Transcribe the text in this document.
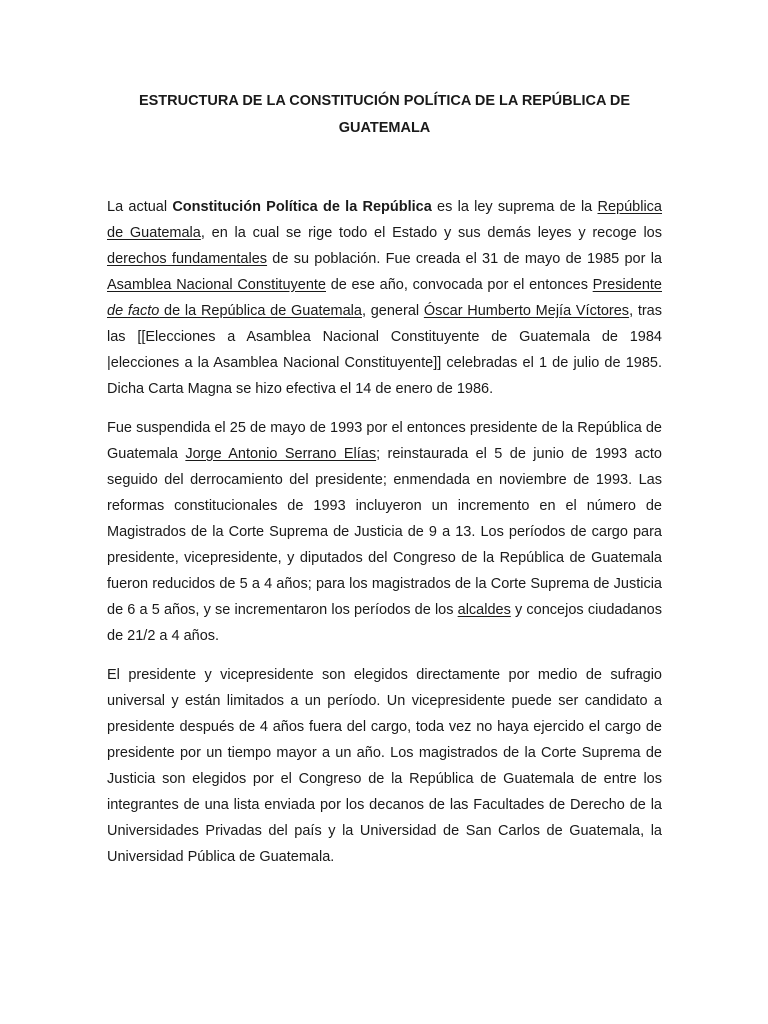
ESTRUCTURA DE LA CONSTITUCIÓN POLÍTICA DE LA REPÚBLICA DE GUATEMALA

La actual Constitución Política de la República es la ley suprema de la República de Guatemala, en la cual se rige todo el Estado y sus demás leyes y recoge los derechos fundamentales de su población. Fue creada el 31 de mayo de 1985 por la Asamblea Nacional Constituyente de ese año, convocada por el entonces Presidente de facto de la República de Guatemala, general Óscar Humberto Mejía Víctores, tras las [[Elecciones a Asamblea Nacional Constituyente de Guatemala de 1984 |elecciones a la Asamblea Nacional Constituyente]] celebradas el 1 de julio de 1985. Dicha Carta Magna se hizo efectiva el 14 de enero de 1986.

Fue suspendida el 25 de mayo de 1993 por el entonces presidente de la República de Guatemala Jorge Antonio Serrano Elías; reinstaurada el 5 de junio de 1993 acto seguido del derrocamiento del presidente; enmendada en noviembre de 1993. Las reformas constitucionales de 1993 incluyeron un incremento en el número de Magistrados de la Corte Suprema de Justicia de 9 a 13. Los períodos de cargo para presidente, vicepresidente, y diputados del Congreso de la República de Guatemala fueron reducidos de 5 a 4 años; para los magistrados de la Corte Suprema de Justicia de 6 a 5 años, y se incrementaron los períodos de los alcaldes y concejos ciudadanos de 21/2 a 4 años.

El presidente y vicepresidente son elegidos directamente por medio de sufragio universal y están limitados a un período. Un vicepresidente puede ser candidato a presidente después de 4 años fuera del cargo, toda vez no haya ejercido el cargo de presidente por un tiempo mayor a un año. Los magistrados de la Corte Suprema de Justicia son elegidos por el Congreso de la República de Guatemala de entre los integrantes de una lista enviada por los decanos de las Facultades de Derecho de la Universidades Privadas del país y la Universidad de San Carlos de Guatemala, la Universidad Pública de Guatemala.
